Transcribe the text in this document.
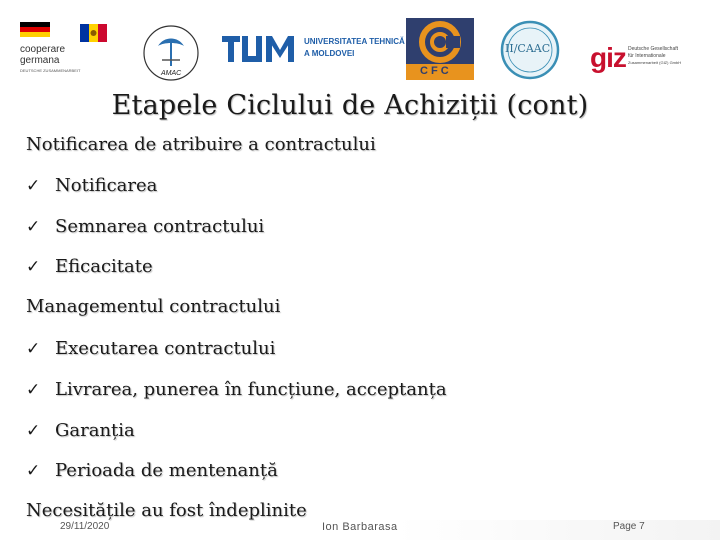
cooperare
germana
DEUTSCHE ZUSAMMENARBEIT	AMAC
UNIVERSITATEA TEHNICĂ
A MOLDOVEI
C F C
II/CAAC giz Deutsche Gesellschaft
für Internationale
Zusammenarbeit (GIZ) GmbH
Etapele Ciclului de Achiziții (cont)
Notificarea de atribuire a contractului
✓ Notificarea
✓ Semnarea contractului
✓ Eficacitate
Managementul contractului
✓ Executarea contractului
✓ Livrarea, punerea în funcțiune, acceptanța
✓ Garanția
✓ Perioada de mentenanță
Necesitățile au fost îndeplinite
29/11/2020	Ion Barbarasa	Page 7
